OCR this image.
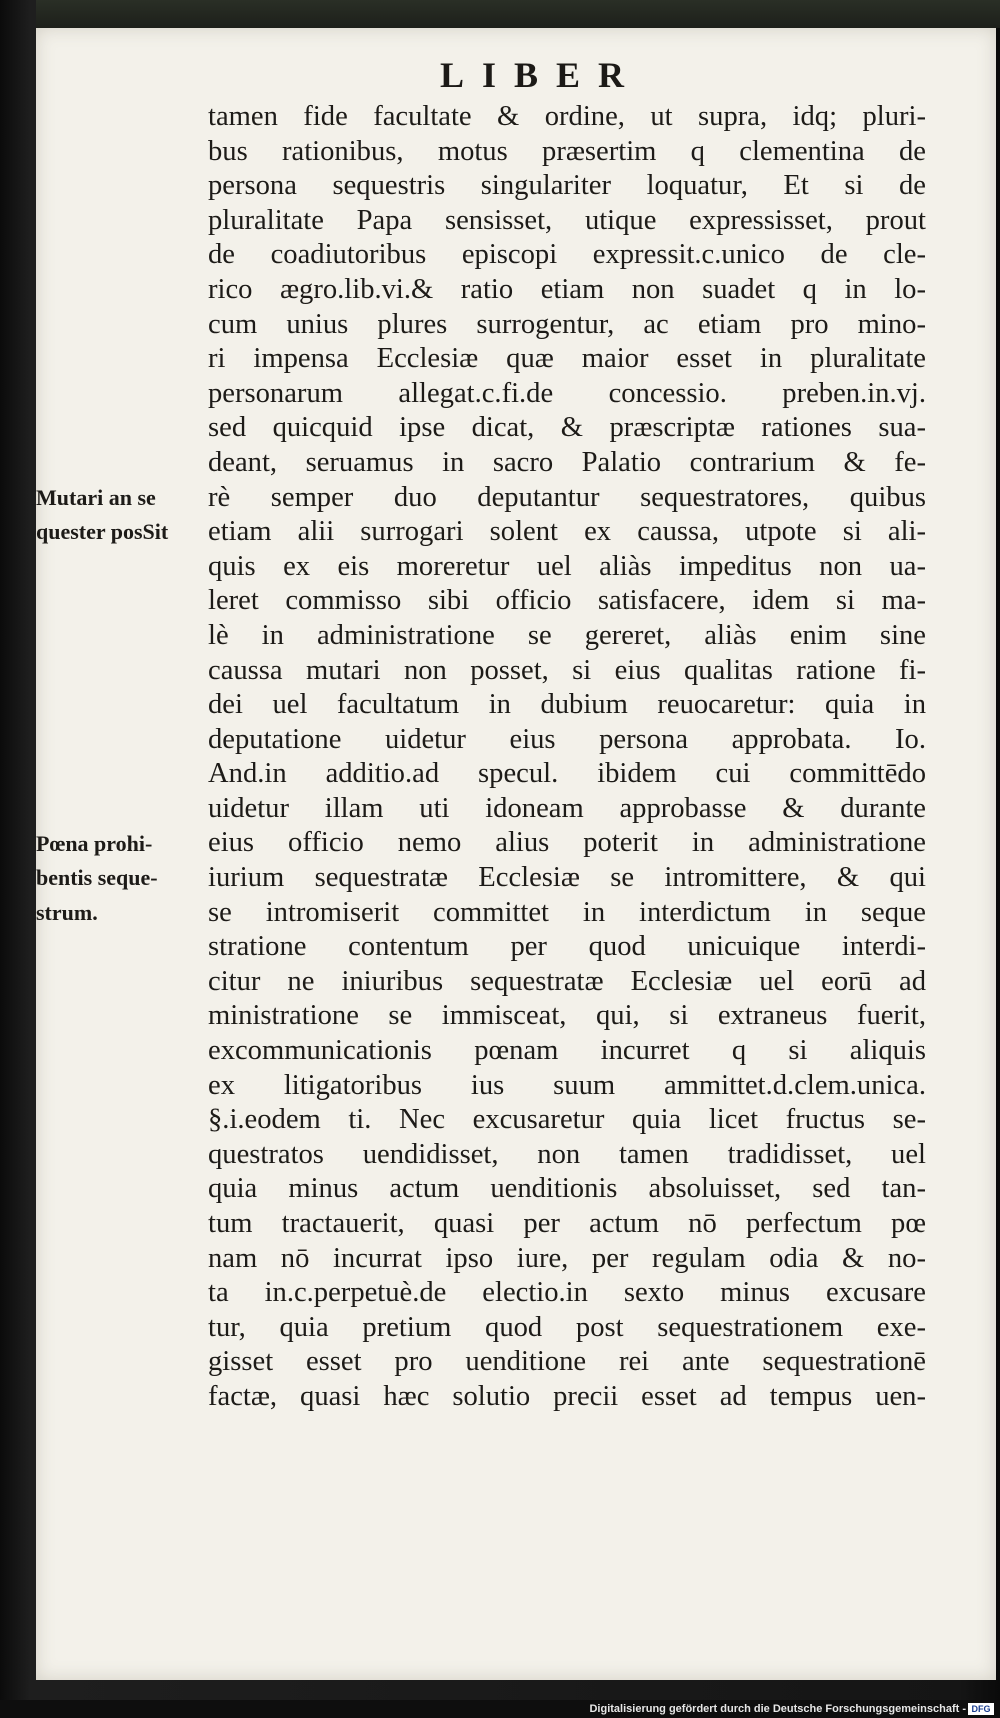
LIBER
Mutari an se
quester posSit
Pœna prohi-
bentis seque-
strum.
tamen fide facultate & ordine, ut supra, idq; pluri-
bus rationibus, motus præsertim q clementina de
persona sequestris singulariter loquatur, Et si de
pluralitate Papa sensisset, utique expressisset, prout
de coadiutoribus episcopi expressit.c.unico de cle-
rico ægro.lib.vi.& ratio etiam non suadet q in lo-
cum unius plures surrogentur, ac etiam pro mino-
ri impensa Ecclesiæ quæ maior esset in pluralitate
personarum allegat.c.fi.de concessio. preben.in.vj.
sed quicquid ipse dicat, & præscriptæ rationes sua-
deant, seruamus in sacro Palatio contrarium & fe-
rè semper duo deputantur sequestratores, quibus
etiam alii surrogari solent ex caussa, utpote si ali-
quis ex eis moreretur uel aliàs impeditus non ua-
leret commisso sibi officio satisfacere, idem si ma-
lè in administratione se gereret, aliàs enim sine
caussa mutari non posset, si eius qualitas ratione fi-
dei uel facultatum in dubium reuocaretur: quia in
deputatione uidetur eius persona approbata. Io.
And.in additio.ad specul. ibidem cui committēdo
uidetur illam uti idoneam approbasse & durante
eius officio nemo alius poterit in administratione
iurium sequestratæ Ecclesiæ se intromittere, & qui
se intromiserit committet in interdictum in seque
stratione contentum per quod unicuique interdi-
citur ne iniuribus sequestratæ Ecclesiæ uel eorū ad
ministratione se immisceat, qui, si extraneus fuerit,
excommunicationis pœnam incurret q si aliquis
ex litigatoribus ius suum ammittet.d.clem.unica.
§.i.eodem ti. Nec excusaretur quia licet fructus se-
questratos uendidisset, non tamen tradidisset, uel
quia minus actum uenditionis absoluisset, sed tan-
tum tractauerit, quasi per actum nō perfectum pœ
nam nō incurrat ipso iure, per regulam odia & no-
ta in.c.perpetuè.de electio.in sexto minus excusare
tur, quia pretium quod post sequestrationem exe-
gisset esset pro uenditione rei ante sequestrationē
factæ, quasi hæc solutio precii esset ad tempus uen-
Digitalisierung gefördert durch die Deutsche Forschungsgemeinschaft - DFG
